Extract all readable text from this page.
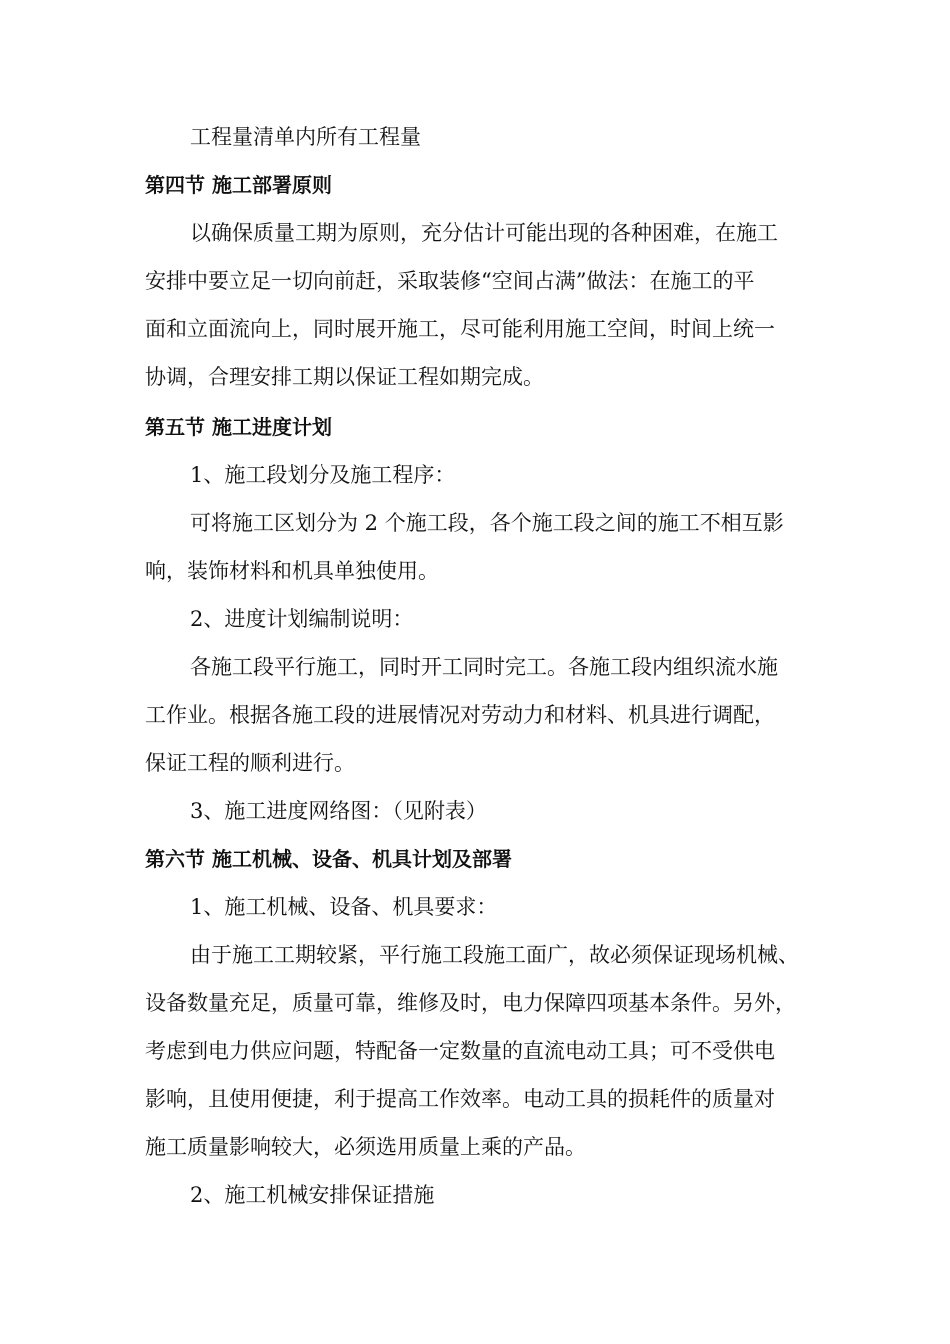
工程量清单内所有工程量
第四节 施工部署原则
以确保质量工期为原则，充分估计可能出现的各种困难，在施工
安排中要立足一切向前赶，采取装修“空间占满”做法：在施工的平
面和立面流向上，同时展开施工，尽可能利用施工空间，时间上统一
协调，合理安排工期以保证工程如期完成。
第五节 施工进度计划
1、施工段划分及施工程序：
可将施工区划分为 2 个施工段，各个施工段之间的施工不相互影
响，装饰材料和机具单独使用。
2、进度计划编制说明：
各施工段平行施工，同时开工同时完工。各施工段内组织流水施
工作业。根据各施工段的进展情况对劳动力和材料、机具进行调配，
保证工程的顺利进行。
3、施工进度网络图：（见附表）
第六节 施工机械、设备、机具计划及部署
1、施工机械、设备、机具要求：
由于施工工期较紧，平行施工段施工面广，故必须保证现场机械、
设备数量充足，质量可靠，维修及时，电力保障四项基本条件。另外，
考虑到电力供应问题，特配备一定数量的直流电动工具；可不受供电
影响，且使用便捷，利于提高工作效率。电动工具的损耗件的质量对
施工质量影响较大，必须选用质量上乘的产品。
2、施工机械安排保证措施
